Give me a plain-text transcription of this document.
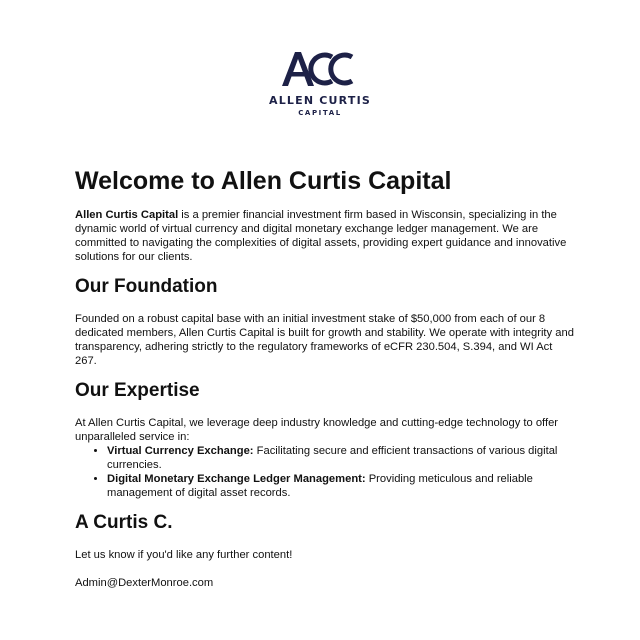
ALLEN CURTIS
CAPITAL
Welcome to Allen Curtis Capital

Allen Curtis Capital is a premier financial investment firm based in Wisconsin, specializing in the dynamic world of virtual currency and digital monetary exchange ledger management. We are committed to navigating the complexities of digital assets, providing expert guidance and innovative solutions for our clients.

Our Foundation

Founded on a robust capital base with an initial investment stake of $50,000 from each of our 8 dedicated members, Allen Curtis Capital is built for growth and stability. We operate with integrity and transparency, adhering strictly to the regulatory frameworks of eCFR 230.504, S.394, and WI Act 267.

Our Expertise

At Allen Curtis Capital, we leverage deep industry knowledge and cutting-edge technology to offer unparalleled service in:

• Virtual Currency Exchange: Facilitating secure and efficient transactions of various digital currencies.
• Digital Monetary Exchange Ledger Management: Providing meticulous and reliable management of digital asset records.
A Curtis C.

Let us know if you'd like any further content!

Admin@DexterMonroe.com
